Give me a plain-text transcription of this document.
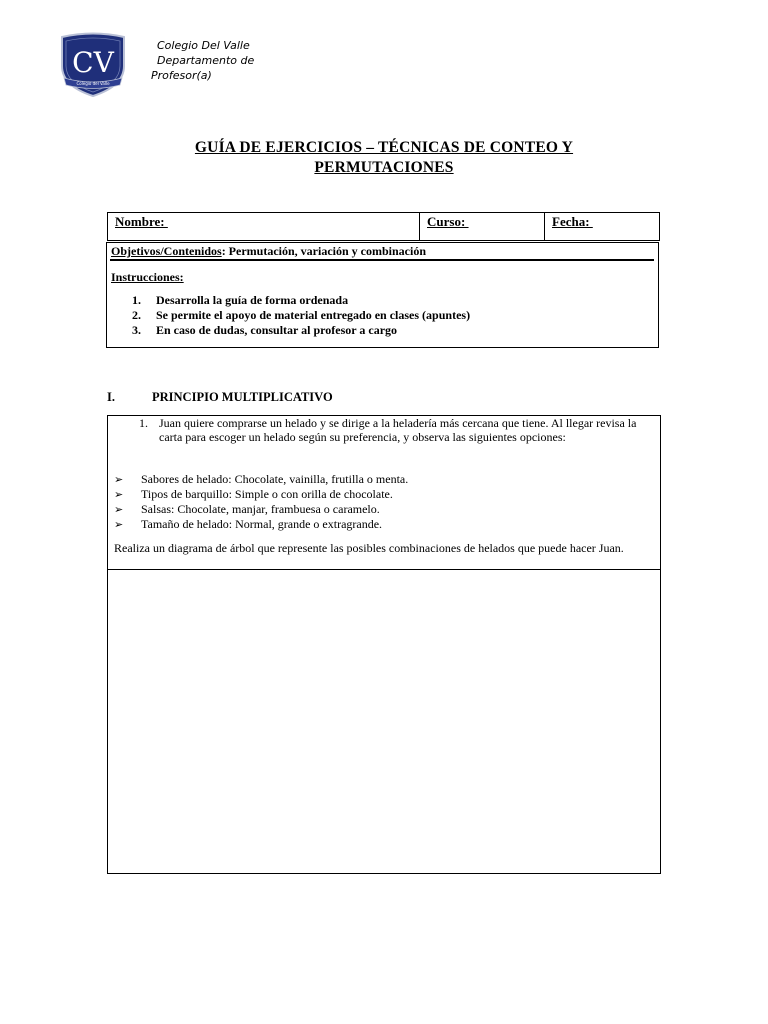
CV
Colegio del Valle
Colegio Del Valle
Departamento de
Profesor(a)
GUÍA DE EJERCICIOS – TÉCNICAS DE CONTEO Y
PERMUTACIONES
Nombre:	Curso:	Fecha:
Objetivos/Contenidos: Permutación, variación y combinación
Instrucciones:
1. Desarrolla la guía de forma ordenada
2. Se permite el apoyo de material entregado en clases (apuntes)
3. En caso de dudas, consultar al profesor a cargo
I.	PRINCIPIO MULTIPLICATIVO
1. Juan quiere comprarse un helado y se dirige a la heladería más cercana que tiene. Al llegar revisa la carta para escoger un helado según su preferencia, y observa las siguientes opciones:
➢ Sabores de helado: Chocolate, vainilla, frutilla o menta.
➢ Tipos de barquillo: Simple o con orilla de chocolate.
➢ Salsas: Chocolate, manjar, frambuesa o caramelo.
➢ Tamaño de helado: Normal, grande o extragrande.
Realiza un diagrama de árbol que represente las posibles combinaciones de helados que puede hacer Juan.
